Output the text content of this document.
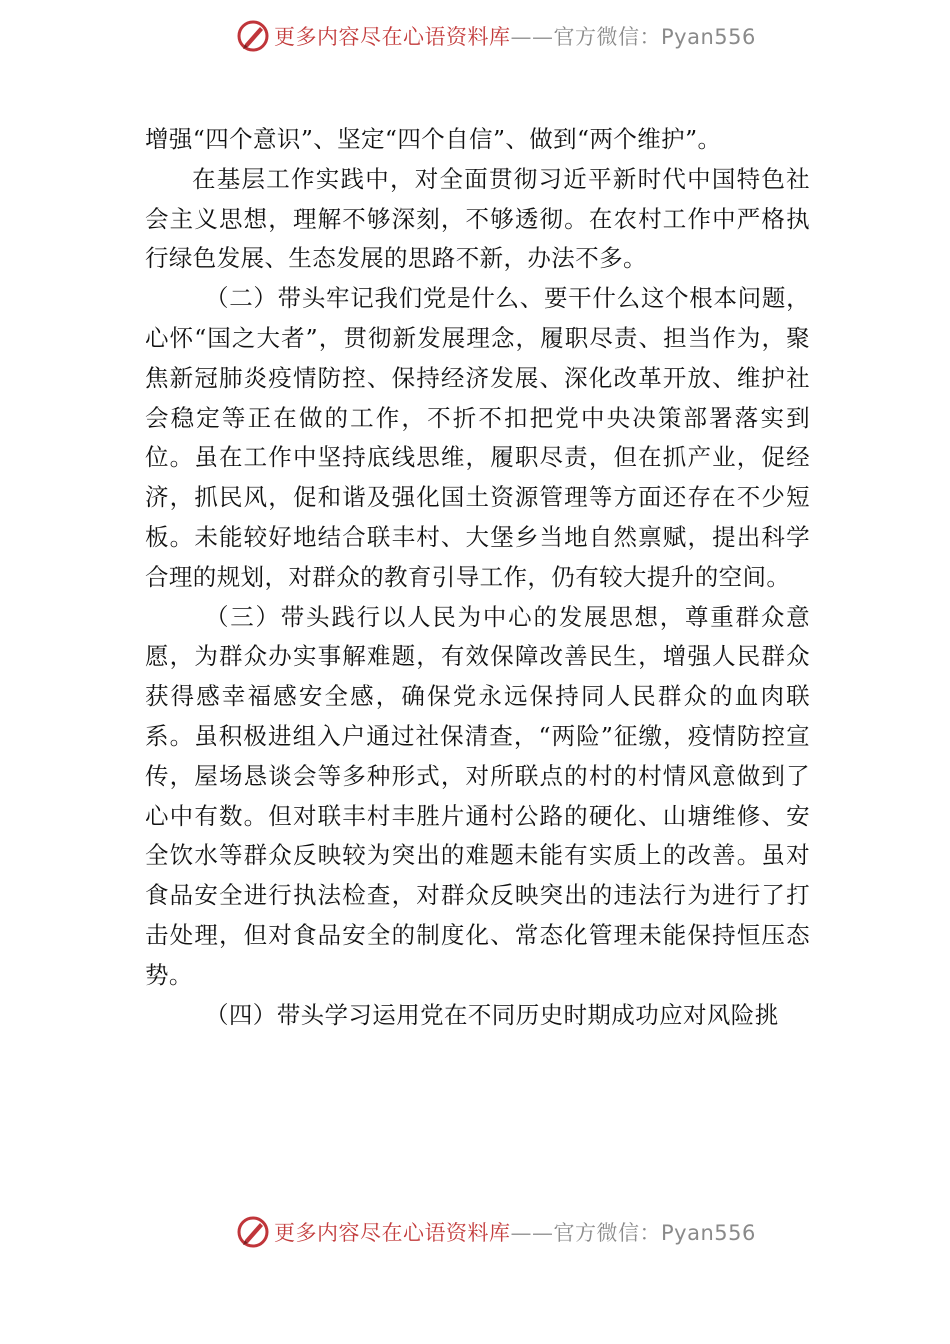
更多内容尽在心语资料库——官方微信：Pyan556

增强“四个意识”、坚定“四个自信”、做到“两个维护”。

在基层工作实践中，对全面贯彻习近平新时代中国特色社会主义思想，理解不够深刻，不够透彻。在农村工作中严格执行绿色发展、生态发展的思路不新，办法不多。

（二）带头牢记我们党是什么、要干什么这个根本问题，心怀“国之大者”，贯彻新发展理念，履职尽责、担当作为，聚焦新冠肺炎疫情防控、保持经济发展、深化改革开放、维护社会稳定等正在做的工作，不折不扣把党中央决策部署落实到位。虽在工作中坚持底线思维，履职尽责，但在抓产业，促经济，抓民风，促和谐及强化国土资源管理等方面还存在不少短板。未能较好地结合联丰村、大堡乡当地自然禀赋，提出科学合理的规划，对群众的教育引导工作，仍有较大提升的空间。

（三）带头践行以人民为中心的发展思想，尊重群众意愿，为群众办实事解难题，有效保障改善民生，增强人民群众获得感幸福感安全感，确保党永远保持同人民群众的血肉联系。虽积极进组入户通过社保清查，“两险”征缴，疫情防控宣传，屋场恳谈会等多种形式，对所联点的村的村情风意做到了心中有数。但对联丰村丰胜片通村公路的硬化、山塘维修、安全饮水等群众反映较为突出的难题未能有实质上的改善。虽对食品安全进行执法检查，对群众反映突出的违法行为进行了打击处理，但对食品安全的制度化、常态化管理未能保持恒压态势。

（四）带头学习运用党在不同历史时期成功应对风险挑

更多内容尽在心语资料库——官方微信：Pyan556
